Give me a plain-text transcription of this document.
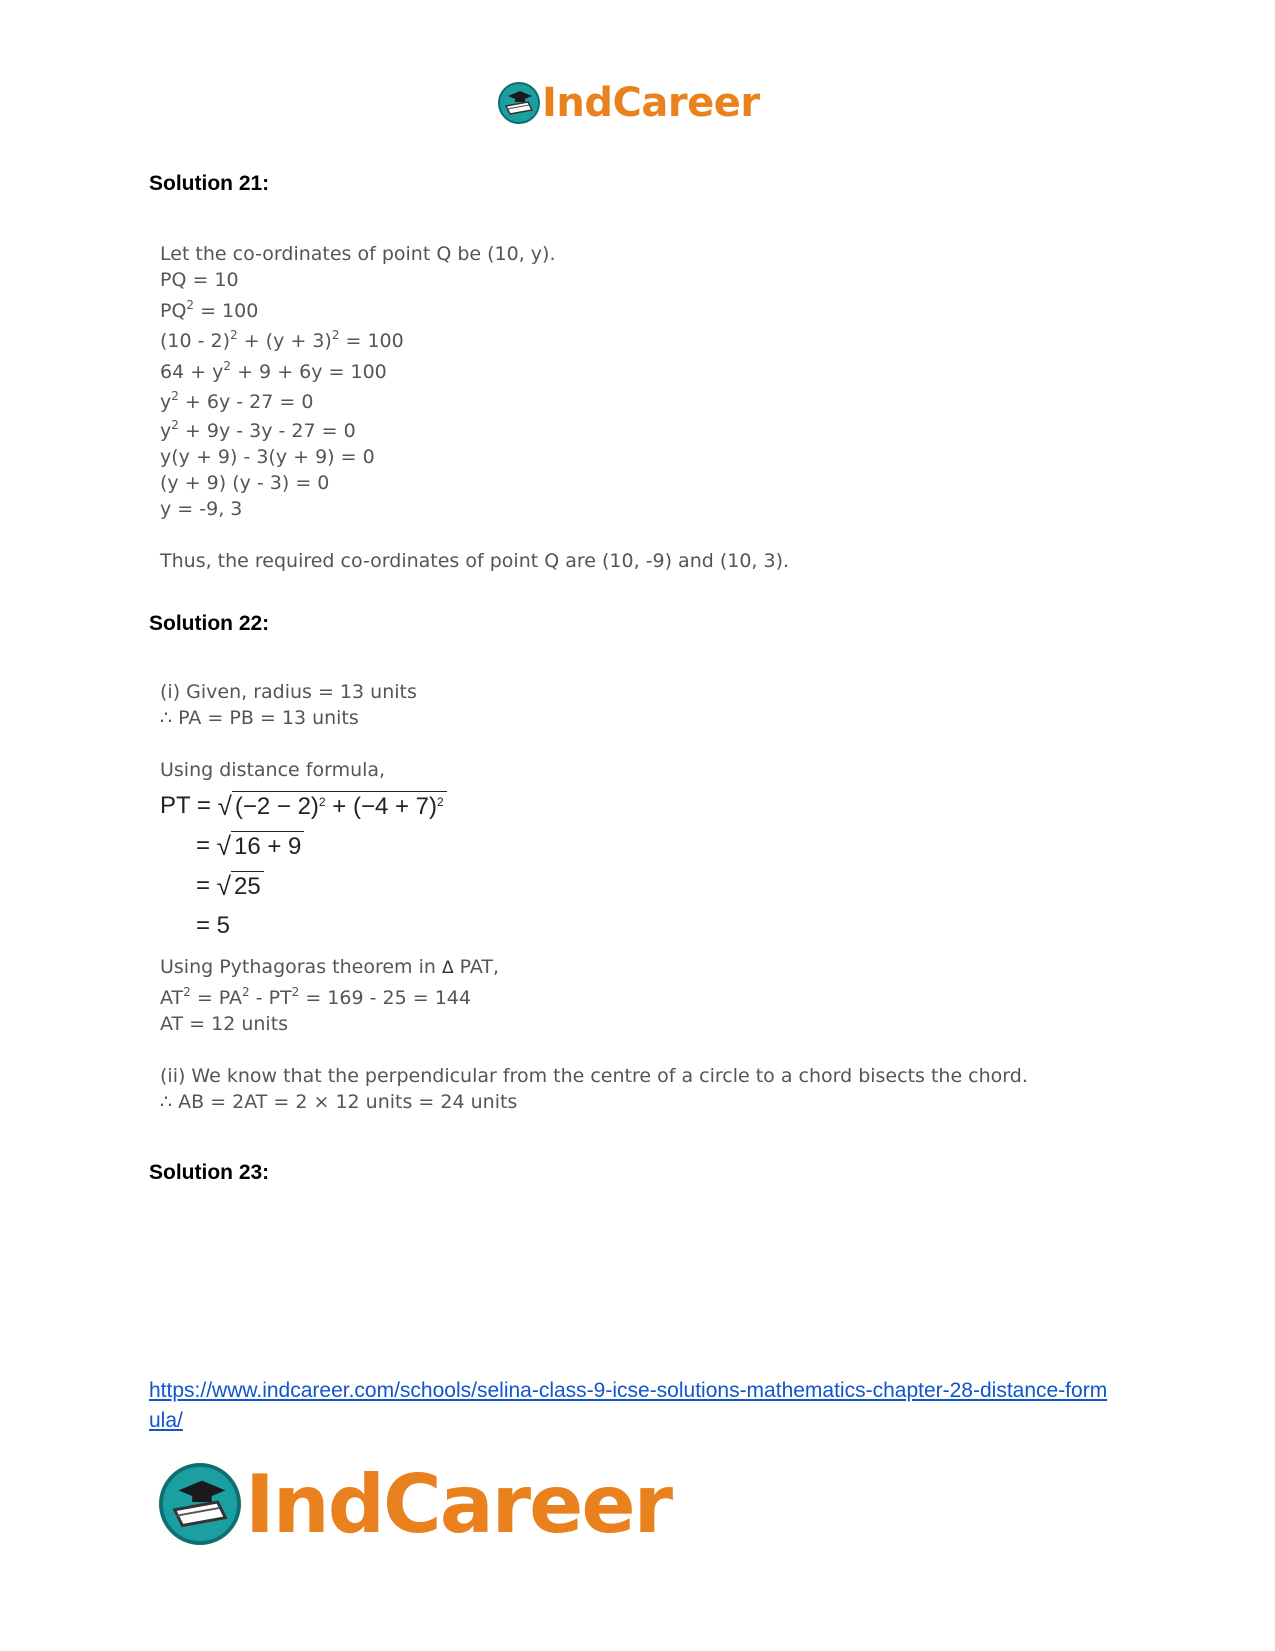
IndCareer
Solution 21:
Let the co-ordinates of point Q be (10, y).
PQ = 10
$PQ^2 = 100$
$(10 - 2)^2 + (y + 3)^2 = 100$
$64 + y^2 + 9 + 6y = 100$
$y^2 + 6y - 27 = 0$
$y^2 + 9y - 3y - 27 = 0$
y(y + 9) - 3(y + 9) = 0
(y + 9) (y - 3) = 0
y = -9, 3
Thus, the required co-ordinates of point Q are (10, -9) and (10, 3).
Solution 22:
(i) Given, radius = 13 units
∴ PA = PB = 13 units
Using distance formula,
PT =
√ $(-2 - 2)^2 + (-4 + 7)^2$
=
√ 16 + 9
=
√ 25
= 5
Using Pythagoras theorem in Δ PAT,
$AT^2 = PA^2 - PT^2 = 169 - 25 = 144$
AT = 12 units
(ii) We know that the perpendicular from the centre of a circle to a chord bisects the chord.
∴ AB = 2AT = 2 × 12 units = 24 units
Solution 23:
https://www.indcareer.com/schools/selina-class-9-icse-solutions-mathematics-chapter-28-distance-formula/
IndCareer
